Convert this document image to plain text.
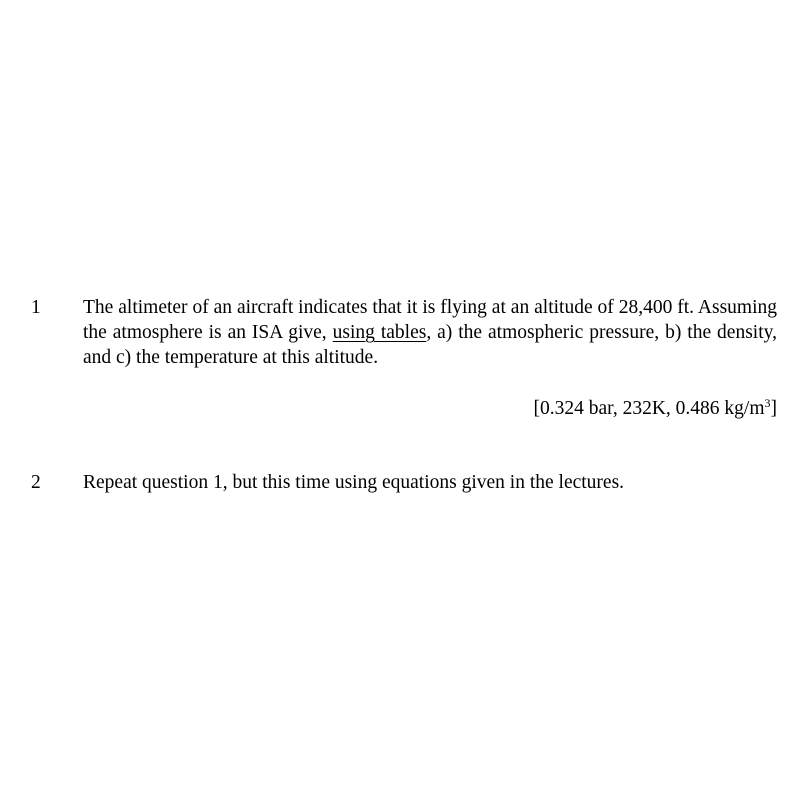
1 The altimeter of an aircraft indicates that it is flying at an altitude of 28,400 ft. Assuming the atmosphere is an ISA give, using tables, a) the atmospheric pressure, b) the density, and c) the temperature at this altitude.
[0.324 bar, 232K, 0.486 $kg/m^3$]
2 Repeat question 1, but this time using equations given in the lectures.
